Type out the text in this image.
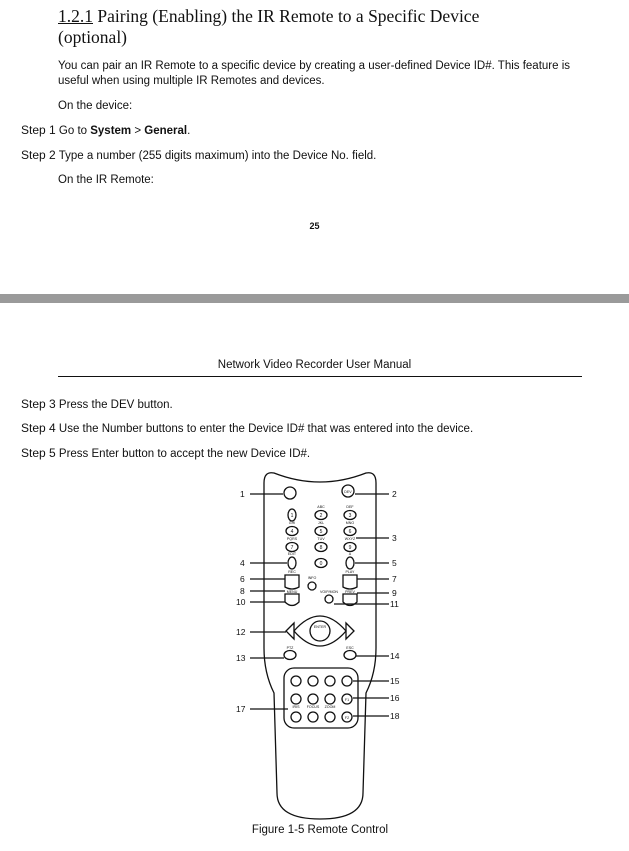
1.2.1 Pairing (Enabling) the IR Remote to a Specific Device
(optional)
You can pair an IR Remote to a specific device by creating a user-defined Device ID#. This feature is
useful when using multiple IR Remotes and devices.
On the device:
Step 1 Go to System > General.
Step 2 Type a number (255 digits maximum) into the Device No. field.
On the IR Remote:
25
Network Video Recorder User Manual
Step 3 Press the DEV button.
Step 4 Use the Number buttons to enter the Device ID# that was entered into the device.
Step 5 Press Enter button to accept the new Device ID#.
1
4
6
8
10
12
13
17
2
3
5
7
9
11
14
15
16
18
DEV
ABC	DEF
GHI	JKL	MNO
PQRS	TUV	WXYZ
EDIT	A
REC	PLAY
INFO
VOIP/MON
MENU	PREV
ENTER
PTZ	ESC
F1
F2
IRIS FOCUS ZOOM
1	2	3
4	5	6
7	8	9
0
Figure 1-5 Remote Control
